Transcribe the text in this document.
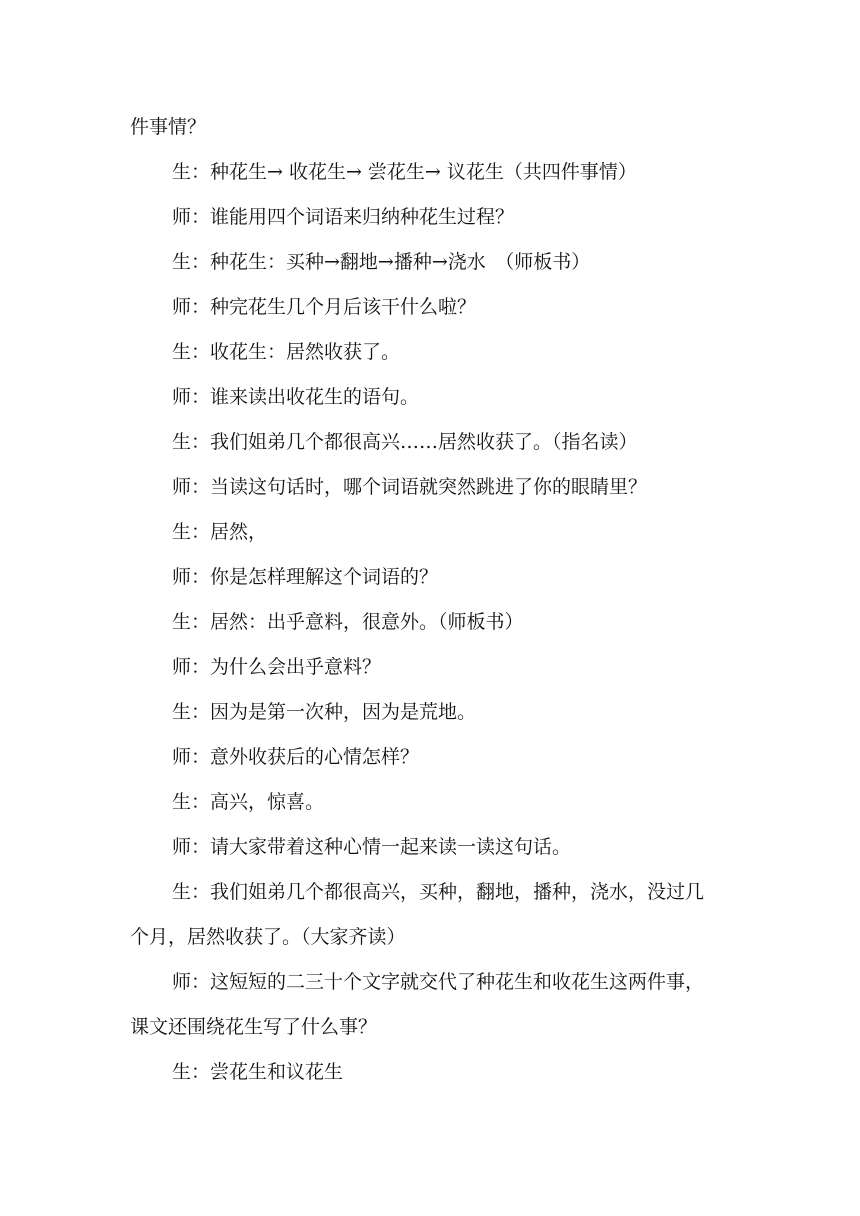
件事情？

生：种花生→ 收花生→ 尝花生→ 议花生（共四件事情）

师：谁能用四个词语来归纳种花生过程？

生：种花生：买种→翻地→播种→浇水　（师板书）

师：种完花生几个月后该干什么啦？

生：收花生：居然收获了。

师：谁来读出收花生的语句。

生：我们姐弟几个都很高兴……居然收获了。（指名读）

师：当读这句话时，哪个词语就突然跳进了你的眼睛里？

生：居然，

师：你是怎样理解这个词语的？

生：居然：出乎意料，很意外。（师板书）

师：为什么会出乎意料？

生：因为是第一次种，因为是荒地。

师：意外收获后的心情怎样？

生：高兴，惊喜。

师：请大家带着这种心情一起来读一读这句话。

生：我们姐弟几个都很高兴，买种，翻地，播种，浇水，没过几
个月，居然收获了。（大家齐读）

师：这短短的二三十个文字就交代了种花生和收花生这两件事，
课文还围绕花生写了什么事？

生：尝花生和议花生
